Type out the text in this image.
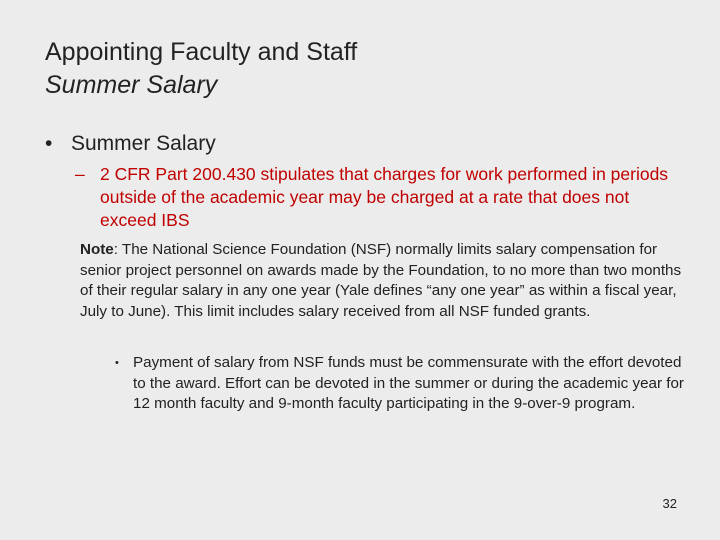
Appointing Faculty and Staff
Summer Salary
• Summer Salary
– 2 CFR Part 200.430 stipulates that charges for work performed in periods outside of the academic year may be charged at a rate that does not exceed IBS
Note: The National Science Foundation (NSF) normally limits salary compensation for senior project personnel on awards made by the Foundation, to no more than two months of their regular salary in any one year (Yale defines “any one year” as within a fiscal year, July to June). This limit includes salary received from all NSF funded grants.
• Payment of salary from NSF funds must be commensurate with the effort devoted to the award. Effort can be devoted in the summer or during the academic year for 12 month faculty and 9-month faculty participating in the 9-over-9 program.
32
